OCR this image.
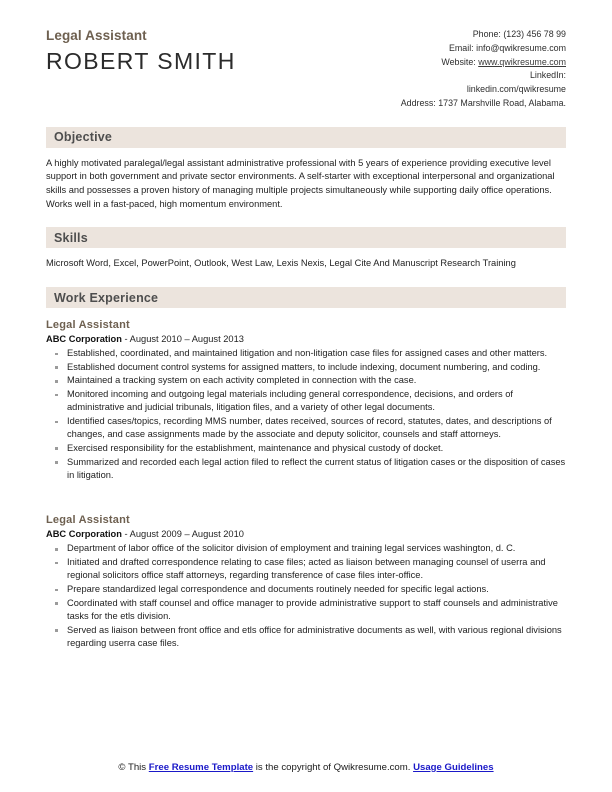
Legal Assistant
ROBERT SMITH
Phone: (123) 456 78 99
Email: info@qwikresume.com
Website: www.qwikresume.com
LinkedIn:
linkedin.com/qwikresume
Address: 1737 Marshville Road, Alabama.
Objective

A highly motivated paralegal/legal assistant administrative professional with 5 years of experience providing executive level support in both government and private sector environments. A self-starter with exceptional interpersonal and organizational skills and possesses a proven history of managing multiple projects simultaneously while supporting daily office operations. Works well in a fast-paced, high momentum environment.

Skills

Microsoft Word, Excel, PowerPoint, Outlook, West Law, Lexis Nexis, Legal Cite And Manuscript Research Training

Work Experience
Legal Assistant
ABC Corporation - August 2010 – August 2013
Established, coordinated, and maintained litigation and non-litigation case files for assigned cases and other matters.
Established document control systems for assigned matters, to include indexing, document numbering, and coding.
Maintained a tracking system on each activity completed in connection with the case.
Monitored incoming and outgoing legal materials including general correspondence, decisions, and orders of administrative and judicial tribunals, litigation files, and a variety of other legal documents.
Identified cases/topics, recording MMS number, dates received, sources of record, statutes, dates, and descriptions of changes, and case assignments made by the associate and deputy solicitor, counsels and staff attorneys.
Exercised responsibility for the establishment, maintenance and physical custody of docket.
Summarized and recorded each legal action filed to reflect the current status of litigation cases or the disposition of cases in litigation.
Legal Assistant
ABC Corporation - August 2009 – August 2010
Department of labor office of the solicitor division of employment and training legal services washington, d. C.
Initiated and drafted correspondence relating to case files; acted as liaison between managing counsel of userra and regional solicitors office staff attorneys, regarding transference of case files inter-office.
Prepare standardized legal correspondence and documents routinely needed for specific legal actions.
Coordinated with staff counsel and office manager to provide administrative support to staff counsels and administrative tasks for the etls division.
Served as liaison between front office and etls office for administrative documents as well, with various regional divisions regarding userra case files.
© This Free Resume Template is the copyright of Qwikresume.com. Usage Guidelines
